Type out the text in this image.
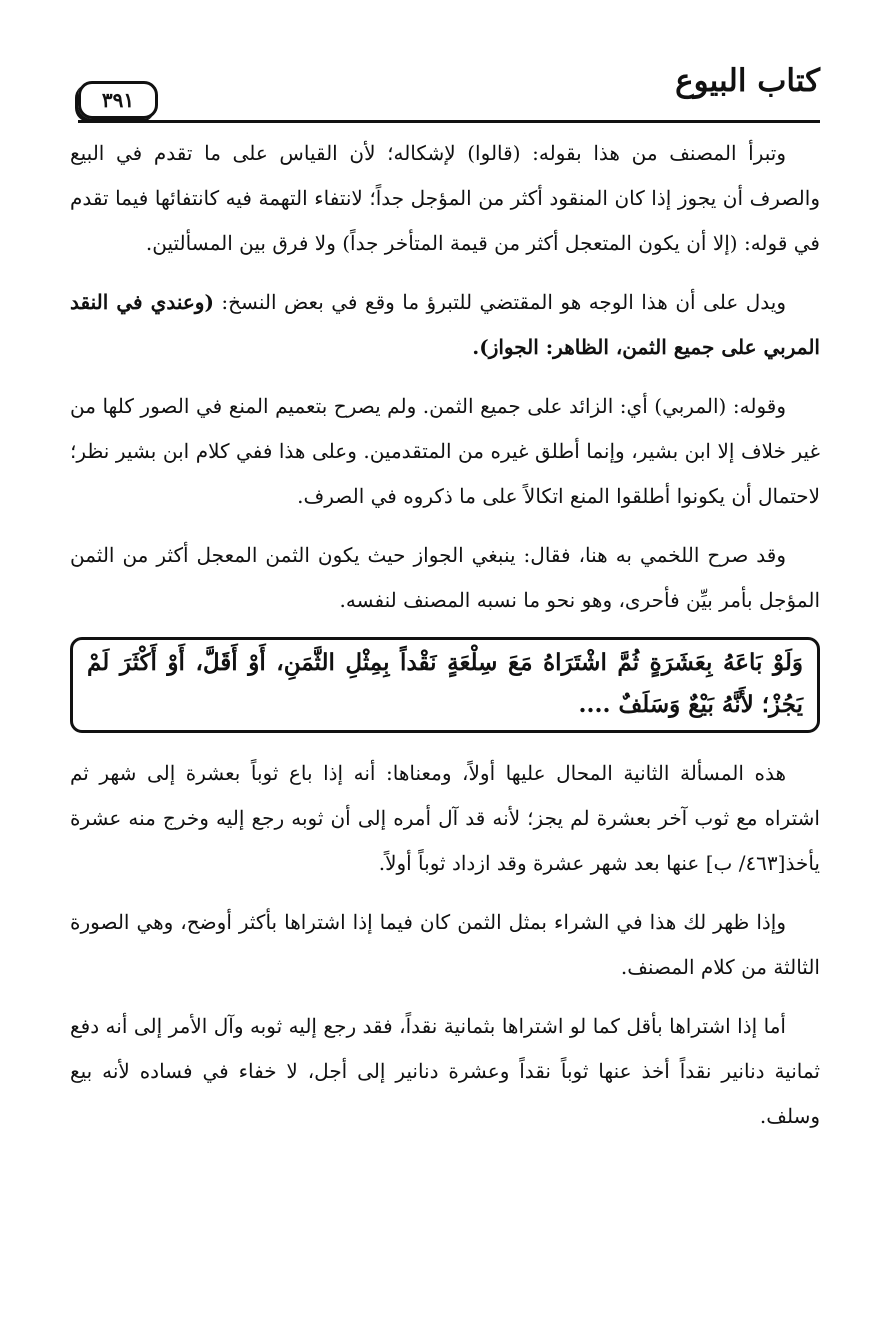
كتاب البيوع
٣٩١

وتبرأ المصنف من هذا بقوله: (قالوا) لإشكاله؛ لأن القياس على ما تقدم في البيع والصرف أن يجوز إذا كان المنقود أكثر من المؤجل جداً؛ لانتفاء التهمة فيه كانتفائها فيما تقدم في قوله: (إلا أن يكون المتعجل أكثر من قيمة المتأخر جداً) ولا فرق بين المسألتين.

ويدل على أن هذا الوجه هو المقتضي للتبرؤ ما وقع في بعض النسخ: (وعندي في النقد المربي على جميع الثمن، الظاهر: الجواز).

وقوله: (المربي) أي: الزائد على جميع الثمن. ولم يصرح بتعميم المنع في الصور كلها من غير خلاف إلا ابن بشير، وإنما أطلق غيره من المتقدمين. وعلى هذا ففي كلام ابن بشير نظر؛ لاحتمال أن يكونوا أطلقوا المنع اتكالاً على ما ذكروه في الصرف.

وقد صرح اللخمي به هنا، فقال: ينبغي الجواز حيث يكون الثمن المعجل أكثر من الثمن المؤجل بأمر بيِّن فأحرى، وهو نحو ما نسبه المصنف لنفسه.

وَلَوْ بَاعَهُ بِعَشَرَةٍ ثُمَّ اشْتَرَاهُ مَعَ سِلْعَةٍ نَقْداً بِمِثْلِ الثَّمَنِ، أَوْ أَقَلَّ، أَوْ أَكْثَرَ لَمْ يَجُزْ؛ لأَنَّهُ بَيْعٌ وَسَلَفٌ ....

هذه المسألة الثانية المحال عليها أولاً، ومعناها: أنه إذا باع ثوباً بعشرة إلى شهر ثم اشتراه مع ثوب آخر بعشرة لم يجز؛ لأنه قد آل أمره إلى أن ثوبه رجع إليه وخرج منه عشرة يأخذ[٤٦٣/ ب] عنها بعد شهر عشرة وقد ازداد ثوباً أولاً.

وإذا ظهر لك هذا في الشراء بمثل الثمن كان فيما إذا اشتراها بأكثر أوضح، وهي الصورة الثالثة من كلام المصنف.

أما إذا اشتراها بأقل كما لو اشتراها بثمانية نقداً، فقد رجع إليه ثوبه وآل الأمر إلى أنه دفع ثمانية دنانير نقداً أخذ عنها ثوباً نقداً وعشرة دنانير إلى أجل، لا خفاء في فساده لأنه بيع وسلف.
